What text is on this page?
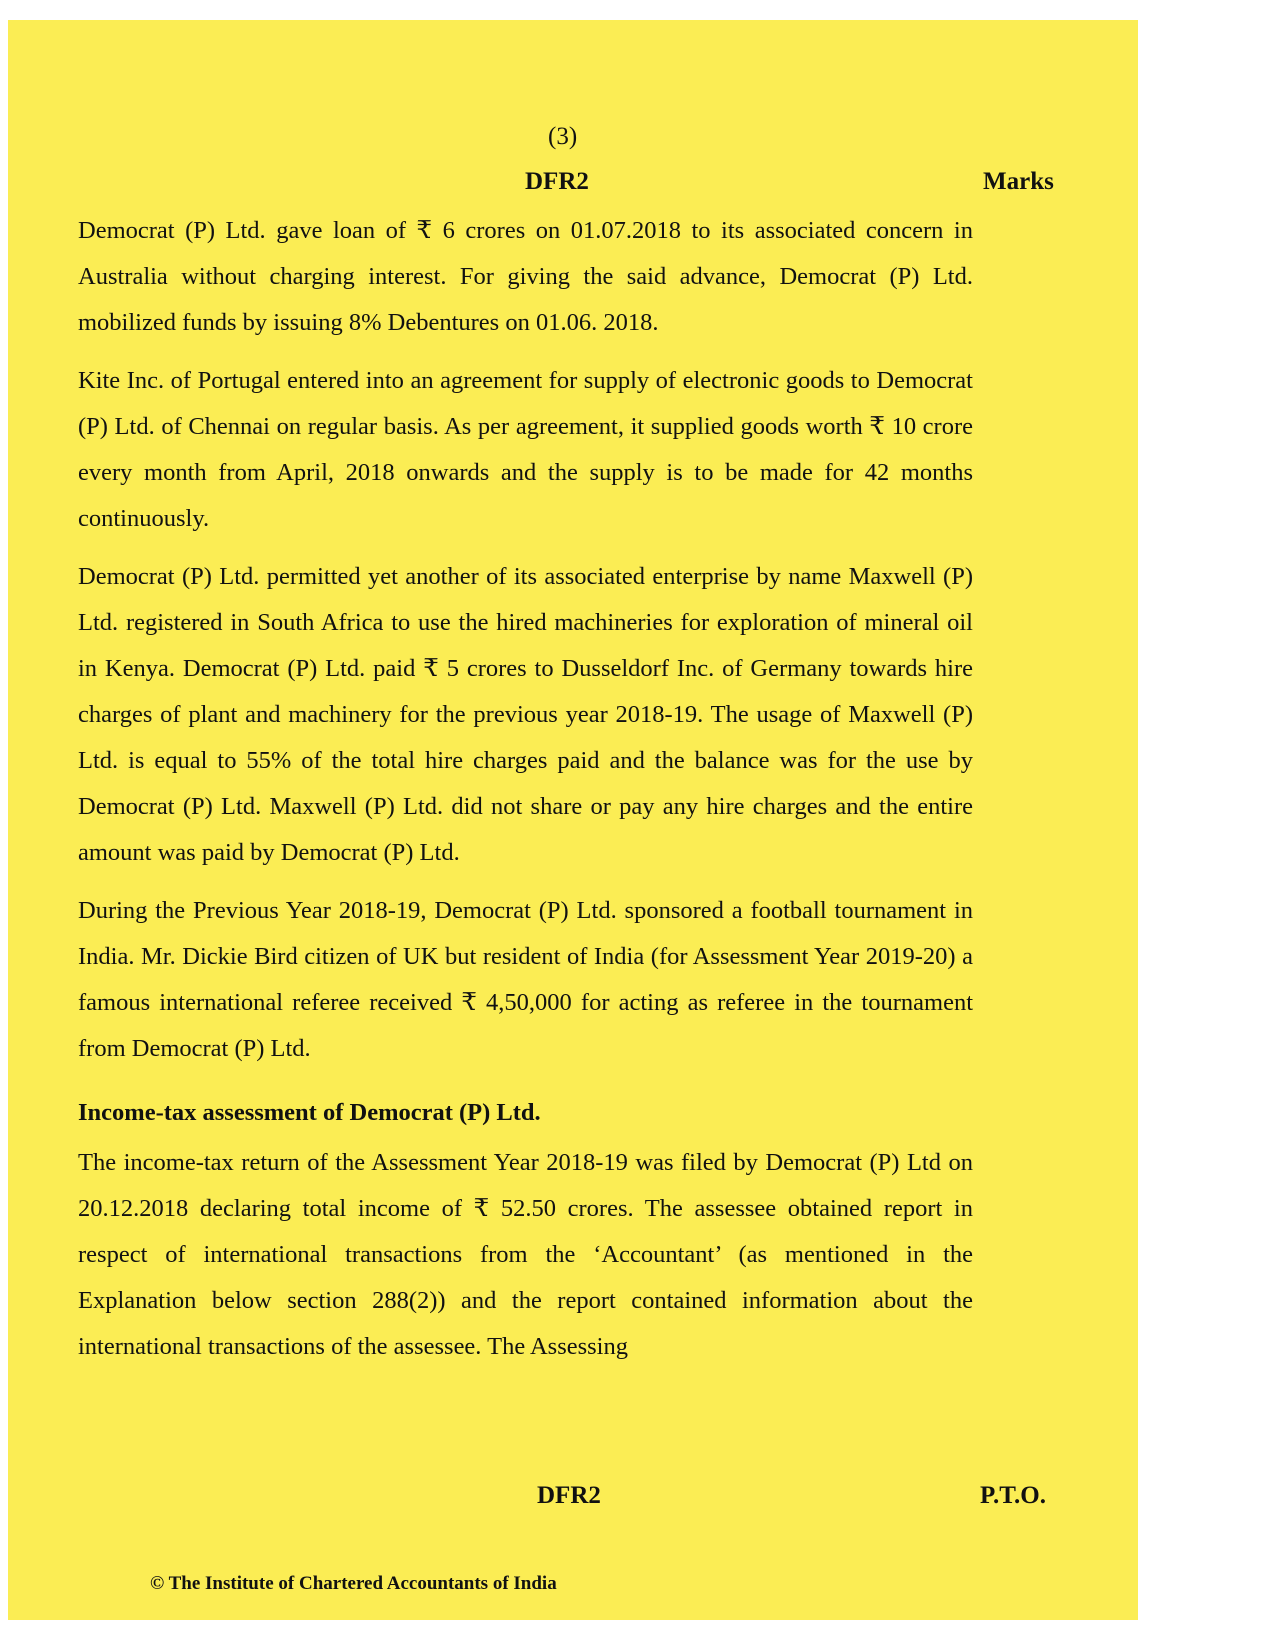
(3)
DFR2	Marks

Democrat (P) Ltd. gave loan of ₹ 6 crores on 01.07.2018 to its associated concern in Australia without charging interest. For giving the said advance, Democrat (P) Ltd. mobilized funds by issuing 8% Debentures on 01.06. 2018.

Kite Inc. of Portugal entered into an agreement for supply of electronic goods to Democrat (P) Ltd. of Chennai on regular basis. As per agreement, it supplied goods worth ₹ 10 crore every month from April, 2018 onwards and the supply is to be made for 42 months continuously.

Democrat (P) Ltd. permitted yet another of its associated enterprise by name Maxwell (P) Ltd. registered in South Africa to use the hired machineries for exploration of mineral oil in Kenya. Democrat (P) Ltd. paid ₹ 5 crores to Dusseldorf Inc. of Germany towards hire charges of plant and machinery for the previous year 2018-19. The usage of Maxwell (P) Ltd. is equal to 55% of the total hire charges paid and the balance was for the use by Democrat (P) Ltd. Maxwell (P) Ltd. did not share or pay any hire charges and the entire amount was paid by Democrat (P) Ltd.

During the Previous Year 2018-19, Democrat (P) Ltd. sponsored a football tournament in India. Mr. Dickie Bird citizen of UK but resident of India (for Assessment Year 2019-20) a famous international referee received ₹ 4,50,000 for acting as referee in the tournament from Democrat (P) Ltd.

Income-tax assessment of Democrat (P) Ltd.

The income-tax return of the Assessment Year 2018-19 was filed by Democrat (P) Ltd on 20.12.2018 declaring total income of ₹ 52.50 crores. The assessee obtained report in respect of international transactions from the ‘Accountant’ (as mentioned in the Explanation below section 288(2)) and the report contained information about the international transactions of the assessee. The Assessing

DFR2	P.T.O.
© The Institute of Chartered Accountants of India
